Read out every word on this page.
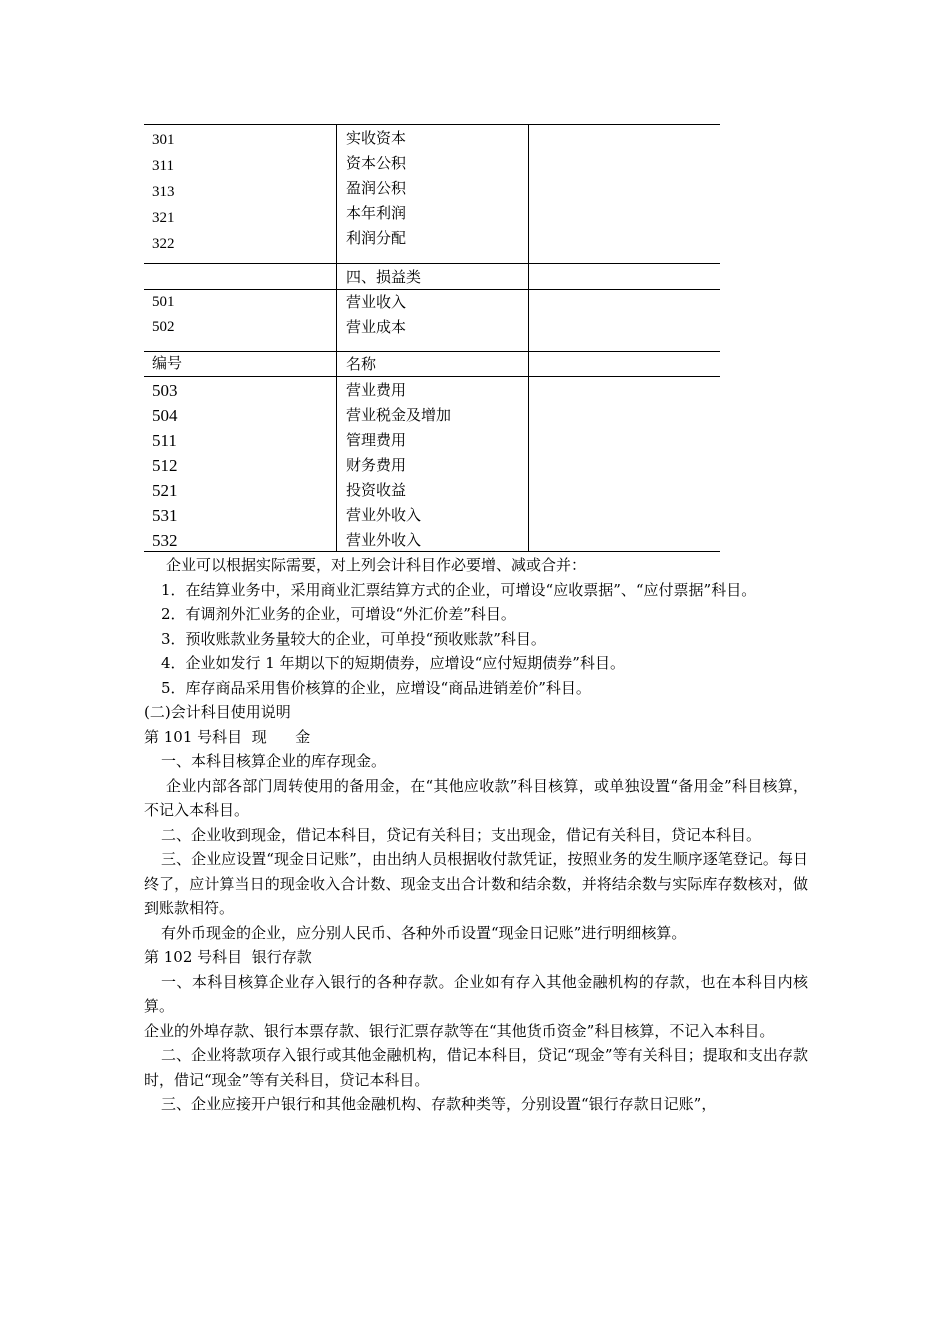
301
311
313
321
322
实收资本
资本公积
盈润公积
本年利润
利润分配
四、损益类
501
502
营业收入
营业成本
编号	名称
503
504
511
512
521
531
532
营业费用
营业税金及增加
管理费用
财务费用
投资收益
营业外收入
营业外收入

企业可以根据实际需要，对上列会计科目作必要增、减或合并：

1．在结算业务中，采用商业汇票结算方式的企业，可增设“应收票据”、“应付票据”科目。

2．有调剂外汇业务的企业，可增设“外汇价差”科目。

3．预收账款业务量较大的企业，可单投“预收账款”科目。

4．企业如发行 1 年期以下的短期债券，应增设“应付短期债券”科目。

5．库存商品采用售价核算的企业，应增设“商品进销差价”科目。

(二)会计科目使用说明

第 101 号科目  现      金

一、本科目核算企业的库存现金。

企业内部各部门周转使用的备用金，在“其他应收款”科目核算，或单独设置“备用金”科目核算，不记入本科目。

二、企业收到现金，借记本科目，贷记有关科目；支出现金，借记有关科目，贷记本科目。

三、企业应设置“现金日记账”，由出纳人员根据收付款凭证，按照业务的发生顺序逐笔登记。每日终了，应计算当日的现金收入合计数、现金支出合计数和结余数，并将结余数与实际库存数核对，做到账款相符。

有外币现金的企业，应分别人民币、各种外币设置“现金日记账”进行明细核算。

第 102 号科目  银行存款

一、本科目核算企业存入银行的各种存款。企业如有存入其他金融机构的存款，也在本科目内核算。

企业的外埠存款、银行本票存款、银行汇票存款等在“其他货币资金”科目核算，不记入本科目。

二、企业将款项存入银行或其他金融机构，借记本科目，贷记“现金”等有关科目；提取和支出存款时，借记“现金”等有关科目，贷记本科目。

三、企业应接开户银行和其他金融机构、存款种类等，分别设置“银行存款日记账”，
